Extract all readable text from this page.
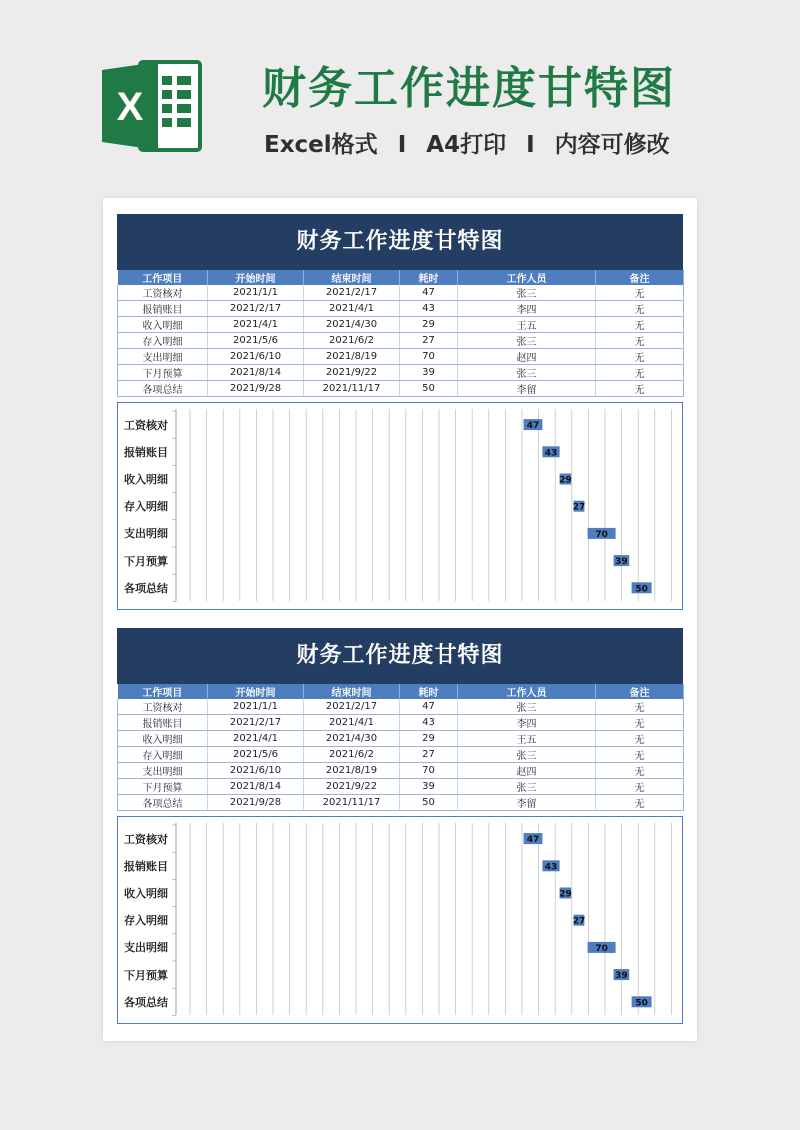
X	财务工作进度甘特图
Excel格式 I A4打印 I 内容可修改
财务工作进度甘特图
工作项目	开始时间	结束时间	耗时	工作人员	备注
工资核对	2021/1/1	2021/2/17	47	张三	无
报销账目	2021/2/17	2021/4/1	43	李四	无
收入明细	2021/4/1	2021/4/30	29	王五	无
存入明细	2021/5/6	2021/6/2	27	张三	无
支出明细	2021/6/10	2021/8/19	70	赵四	无
下月预算	2021/8/14	2021/9/22	39	张三	无
各项总结	2021/9/28	2021/11/17	50	李留	无
47
43
29
27
70
39
50
工资核对
报销账目
收入明细
存入明细
支出明细
下月预算
各项总结
财务工作进度甘特图
工作项目	开始时间	结束时间	耗时	工作人员	备注
工资核对	2021/1/1	2021/2/17	47	张三	无
报销账目	2021/2/17	2021/4/1	43	李四	无
收入明细	2021/4/1	2021/4/30	29	王五	无
存入明细	2021/5/6	2021/6/2	27	张三	无
支出明细	2021/6/10	2021/8/19	70	赵四	无
下月预算	2021/8/14	2021/9/22	39	张三	无
各项总结	2021/9/28	2021/11/17	50	李留	无
47
43
29
27
70
39
50
工资核对
报销账目
收入明细
存入明细
支出明细
下月预算
各项总结
